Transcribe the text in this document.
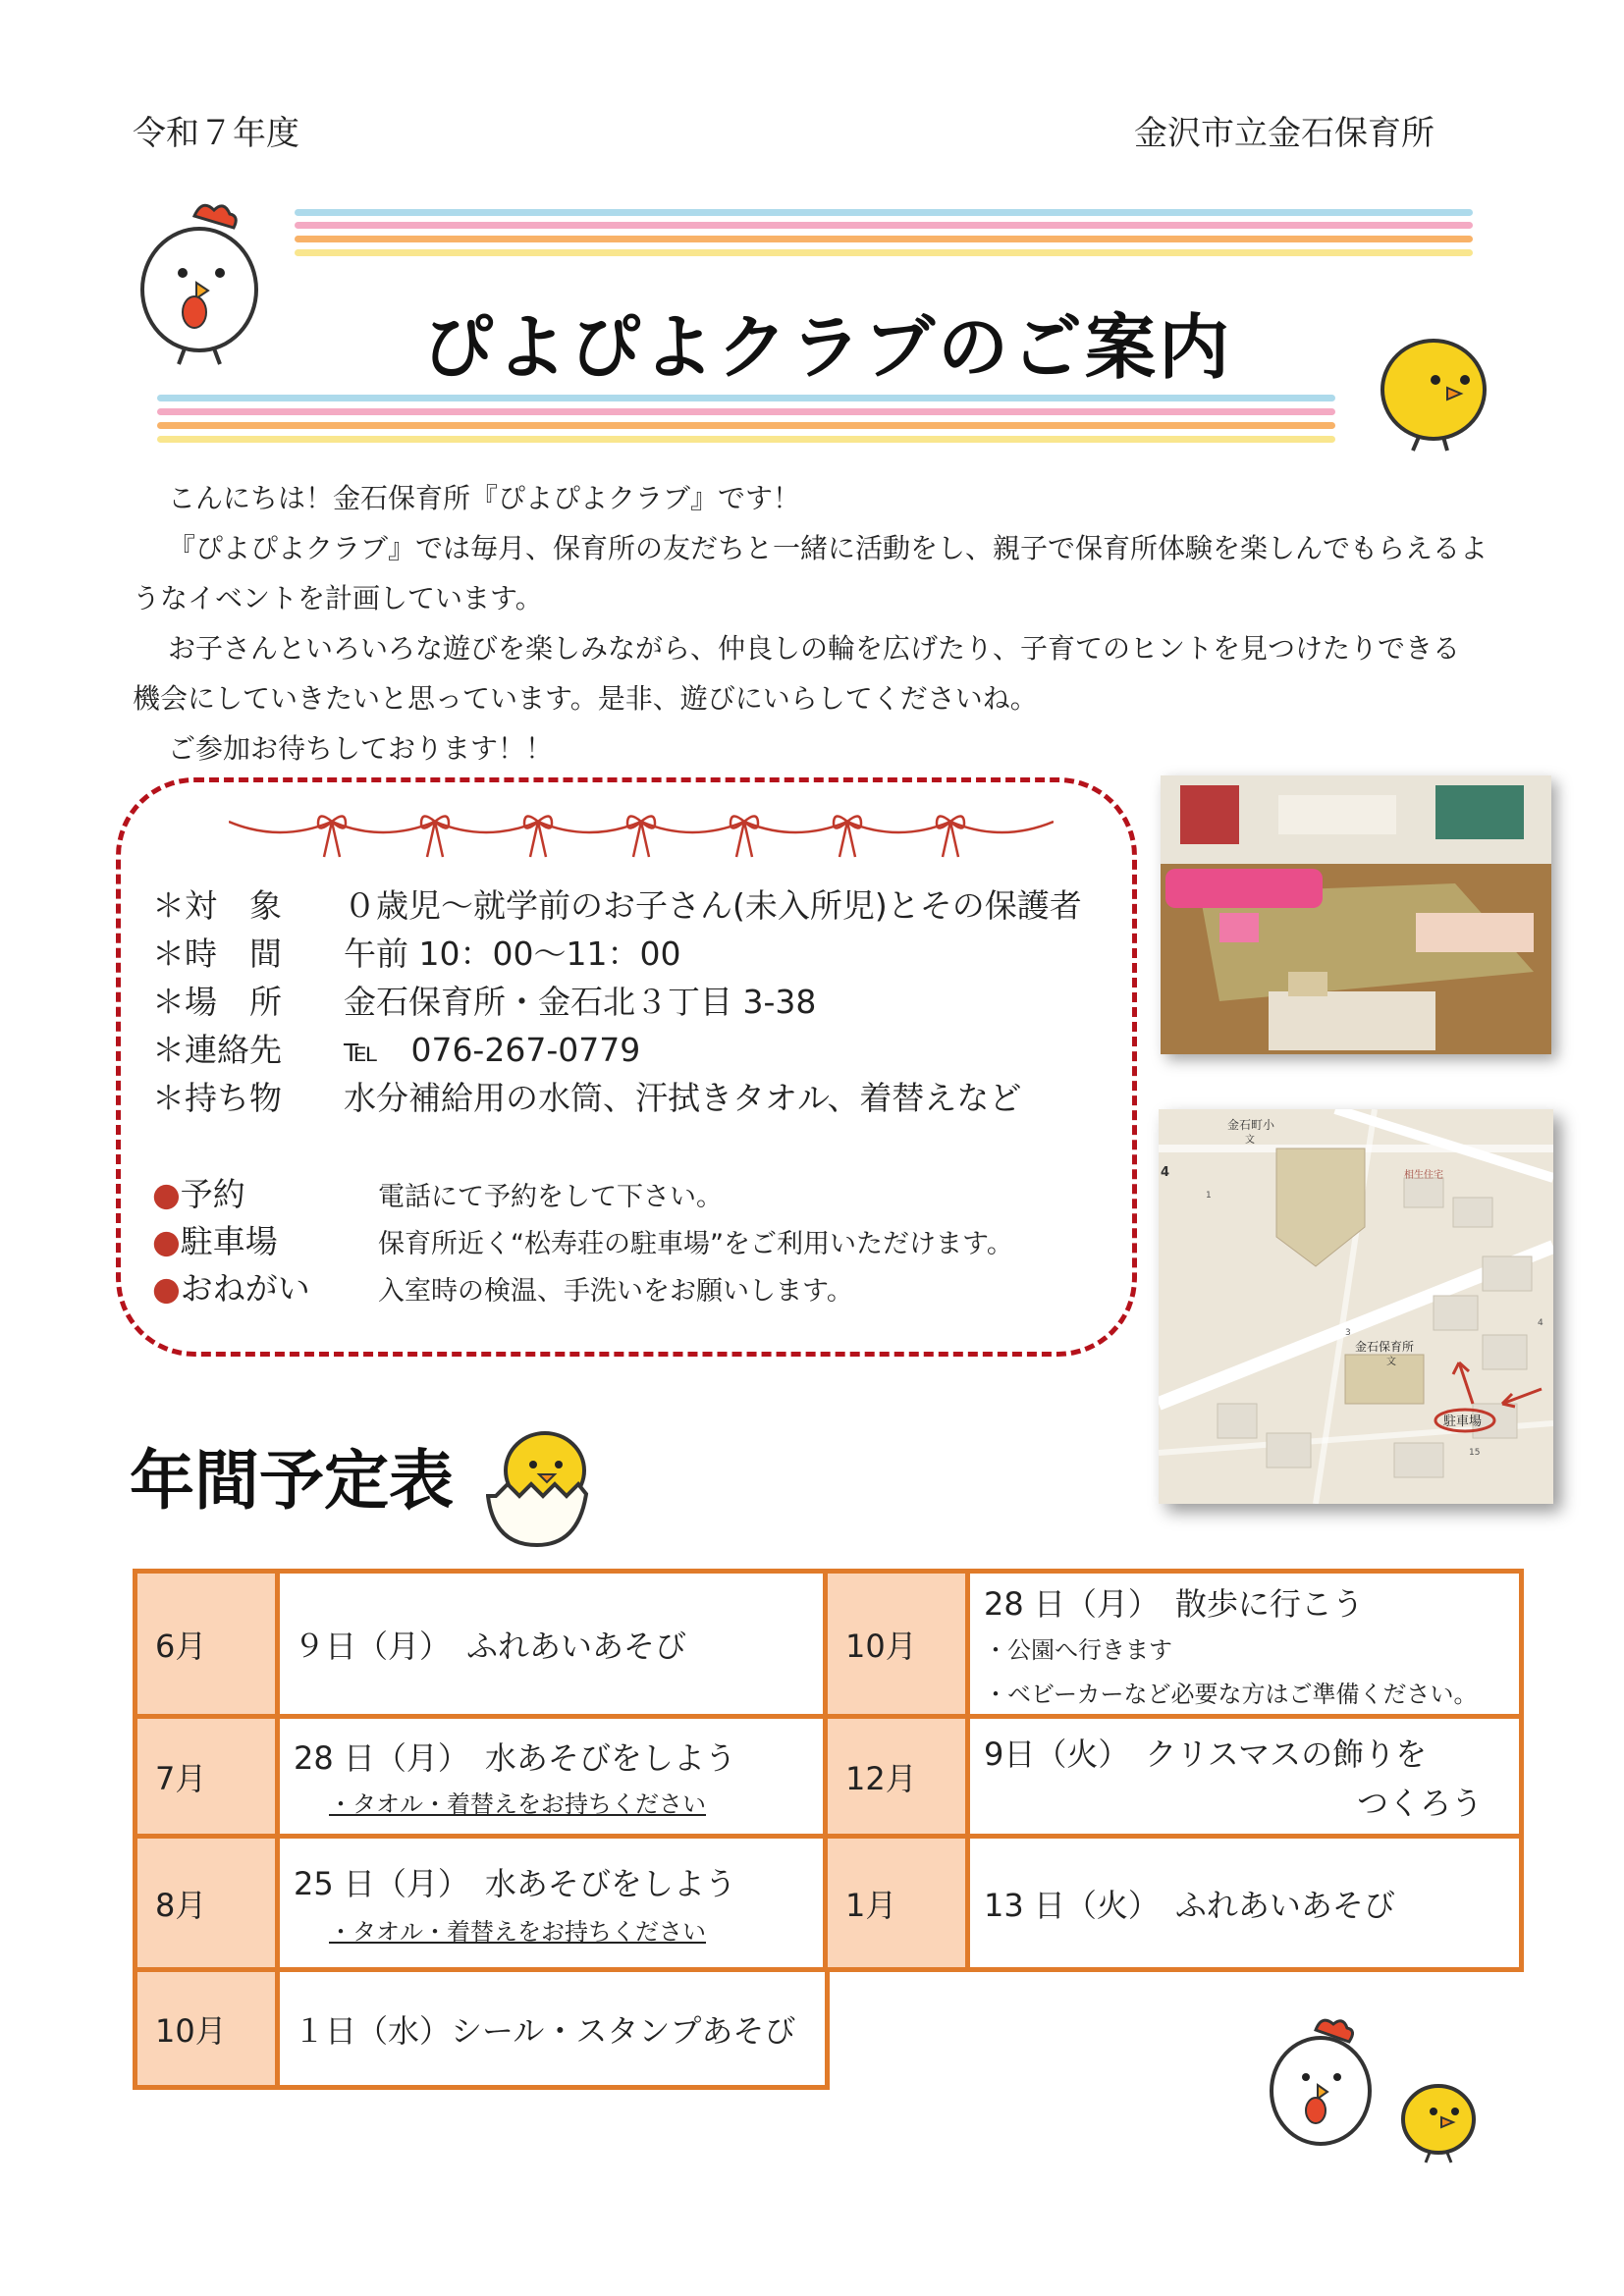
令和７年度	金沢市立金石保育所
ぴよぴよクラブのご案内

こんにちは！金石保育所『ぴよぴよクラブ』です！

『ぴよぴよクラブ』では毎月、保育所の友だちと一緒に活動をし、親子で保育所体験を楽しんでもらえるよ

うなイベントを計画しています。

お子さんといろいろな遊びを楽しみながら、仲良しの輪を広げたり、子育てのヒントを見つけたりできる

機会にしていきたいと思っています。是非、遊びにいらしてくださいね。

ご参加お待ちしております！！

＊対　象 ０歳児～就学前のお子さん(未入所児)とその保護者
＊時　間 午前 10：00～11：00
＊場　所 金石保育所・金石北３丁目 3-38
＊連絡先 ℡　076-267-0779
＊持ち物 水分補給用の水筒、汗拭きタオル、着替えなど
●予約	電話にて予約をして下さい。
●駐車場	保育所近く“松寿荘の駐車場”をご利用いただけます。
●おねがい	入室時の検温、手洗いをお願いします。
金石町小
文
相生住宅
金石保育所
文
駐車場
1
3
4
15
4
年間予定表
6月	９日（月）　ふれあいあそび
7月	28 日（月）　水あそびをしよう
・タオル・着替えをお持ちください

8月	25 日（月）　水あそびをしよう
・タオル・着替えをお持ちください

10月	１日（水）シール・スタンプあそび
10月	28 日（月）　散歩に行こう
・公園へ行きます
・ベビーカーなど必要な方はご準備ください。

12月	9日（火）　クリスマスの飾りを
つくろう

1月	13 日（火）　ふれあいあそび
